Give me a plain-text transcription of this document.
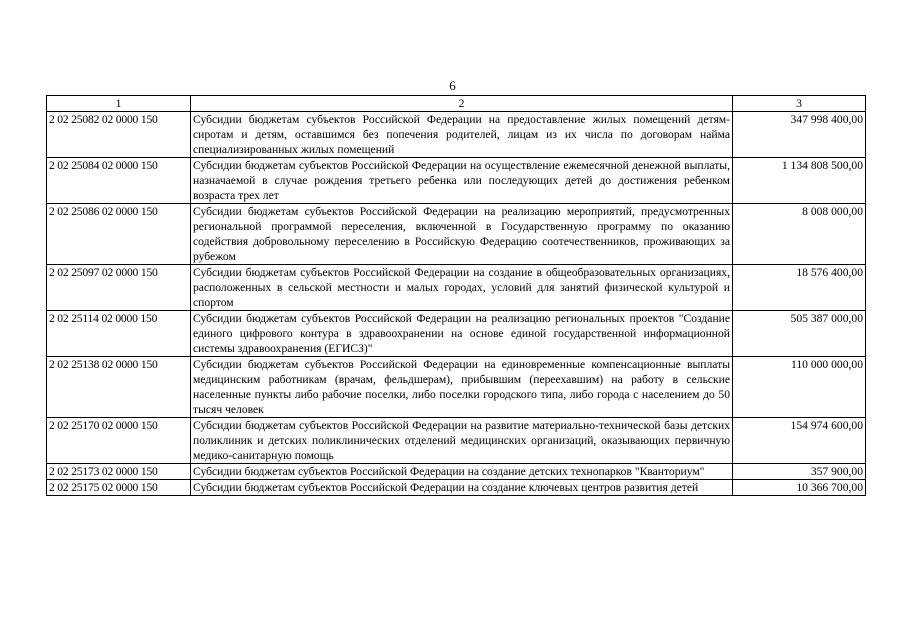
6
1	2	3
2 02 25082 02 0000 150	Субсидии бюджетам субъектов Российской Федерации на предоставление жилых помещений детям-сиротам и детям, оставшимся без попечения родителей, лицам из их числа по договорам найма специализированных жилых помещений	347 998 400,00
2 02 25084 02 0000 150	Субсидии бюджетам субъектов Российской Федерации на осуществление ежемесячной денежной выплаты, назначаемой в случае рождения третьего ребенка или последующих детей до достижения ребенком возраста трех лет	1 134 808 500,00
2 02 25086 02 0000 150	Субсидии бюджетам субъектов Российской Федерации на реализацию мероприятий, предусмотренных региональной программой переселения, включенной в Государственную программу по оказанию содействия добровольному переселению в Российскую Федерацию соотечественников, проживающих за рубежом	8 008 000,00
2 02 25097 02 0000 150	Субсидии бюджетам субъектов Российской Федерации на создание в общеобразовательных организациях, расположенных в сельской местности и малых городах, условий для занятий физической культурой и спортом	18 576 400,00
2 02 25114 02 0000 150	Субсидии бюджетам субъектов Российской Федерации на реализацию региональных проектов "Создание единого цифрового контура в здравоохранении на основе единой государственной информационной системы здравоохранения (ЕГИСЗ)"	505 387 000,00
2 02 25138 02 0000 150	Субсидии бюджетам субъектов Российской Федерации на единовременные компенсационные выплаты медицинским работникам (врачам, фельдшерам), прибывшим (переехавшим) на работу в сельские населенные пункты либо рабочие поселки, либо поселки городского типа, либо города с населением до 50 тысяч человек	110 000 000,00
2 02 25170 02 0000 150	Субсидии бюджетам субъектов Российской Федерации на развитие материально-технической базы детских поликлиник и детских поликлинических отделений медицинских организаций, оказывающих первичную медико-санитарную помощь	154 974 600,00
2 02 25173 02 0000 150	Субсидии бюджетам субъектов Российской Федерации на создание детских технопарков "Кванториум"	357 900,00
2 02 25175 02 0000 150	Субсидии бюджетам субъектов Российской Федерации на создание ключевых центров развития детей	10 366 700,00
